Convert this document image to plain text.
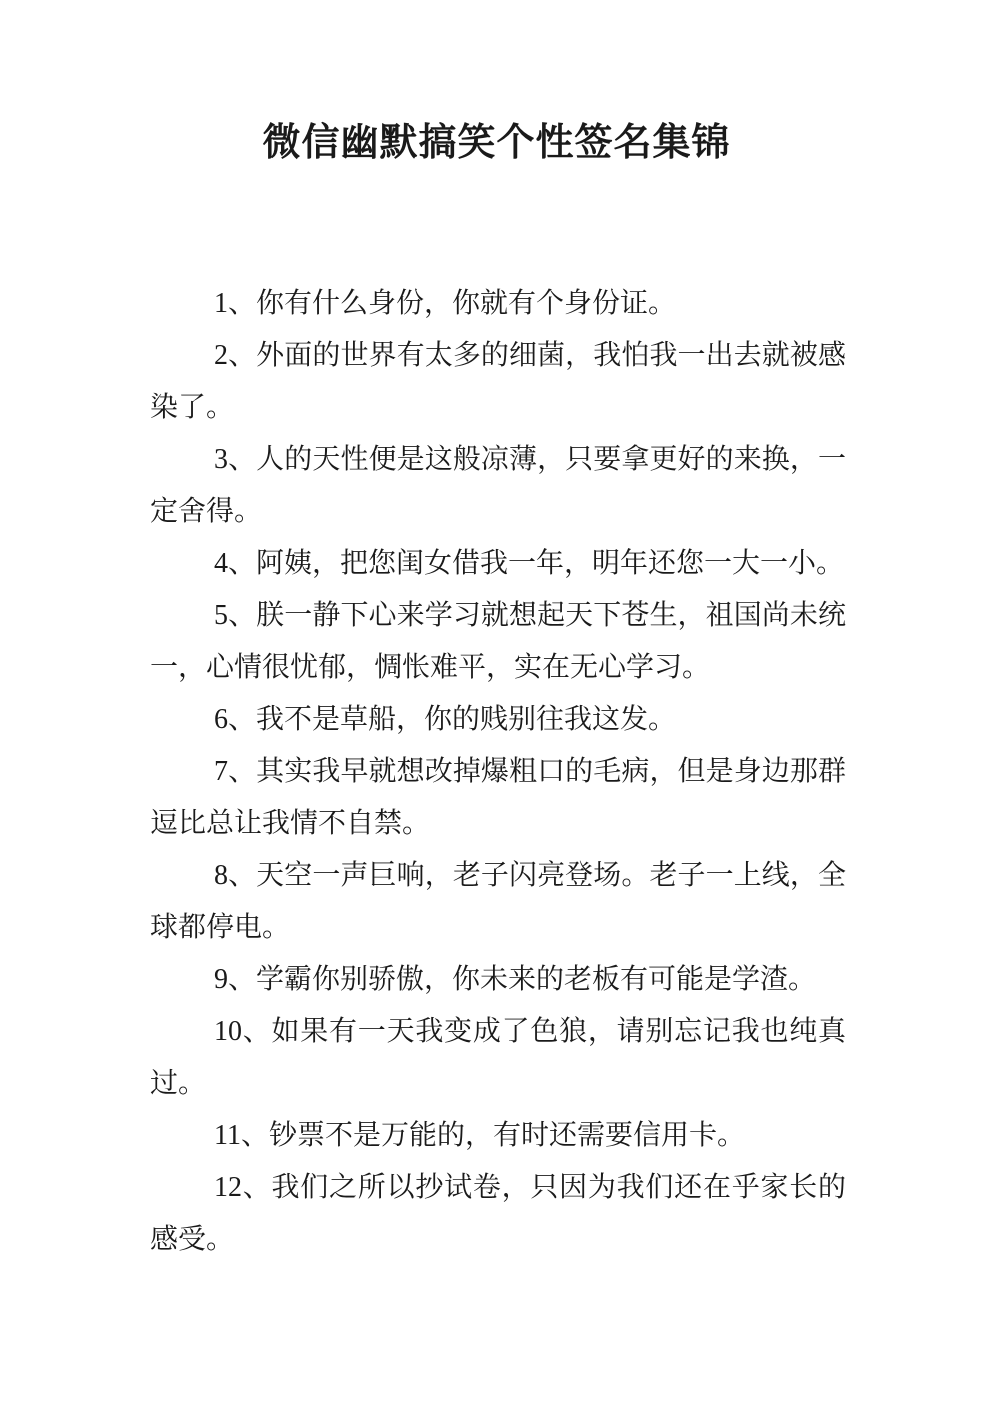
微信幽默搞笑个性签名集锦

1、你有什么身份，你就有个身份证。

2、外面的世界有太多的细菌，我怕我一出去就被感染了。

3、人的天性便是这般凉薄，只要拿更好的来换，一定舍得。

4、阿姨，把您闺女借我一年，明年还您一大一小。

5、朕一静下心来学习就想起天下苍生，祖国尚未统一，心情很忧郁，惆怅难平，实在无心学习。

6、我不是草船，你的贱别往我这发。

7、其实我早就想改掉爆粗口的毛病，但是身边那群逗比总让我情不自禁。

8、天空一声巨响，老子闪亮登场。老子一上线，全球都停电。

9、学霸你别骄傲，你未来的老板有可能是学渣。

10、如果有一天我变成了色狼，请别忘记我也纯真过。

11、钞票不是万能的，有时还需要信用卡。

12、我们之所以抄试卷，只因为我们还在乎家长的感受。
